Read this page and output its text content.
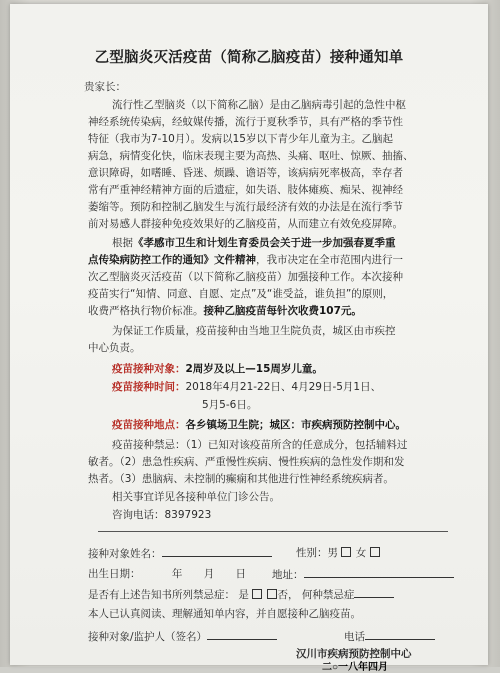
乙型脑炎灭活疫苗（简称乙脑疫苗）接种通知单
贵家长：
流行性乙型脑炎（以下简称乙脑）是由乙脑病毒引起的急性中枢
神经系统传染病，经蚊媒传播，流行于夏秋季节，具有严格的季节性
特征（我市为7-10月）。发病以15岁以下青少年儿童为主。乙脑起
病急，病情变化快，临床表现主要为高热、头痛、呕吐、惊厥、抽搐、
意识障碍，如嗜睡、昏迷、烦躁、谵语等，该病病死率极高，幸存者
常有严重神经精神方面的后遗症，如失语、肢体瘫痪、痴呆、视神经
萎缩等。预防和控制乙脑发生与流行最经济有效的办法是在流行季节
前对易感人群接种免疫效果好的乙脑疫苗，从而建立有效免疫屏障。
根据《孝感市卫生和计划生育委员会关于进一步加强春夏季重
点传染病防控工作的通知》文件精神，我市决定在全市范围内进行一
次乙型脑炎灭活疫苗（以下简称乙脑疫苗）加强接种工作。本次接种
疫苗实行“知情、同意、自愿、定点”及“谁受益，谁负担”的原则，
收费严格执行物价标准。接种乙脑疫苗每针次收费107元。
为保证工作质量，疫苗接种由当地卫生院负责，城区由市疾控
中心负责。
疫苗接种对象：2周岁及以上—15周岁儿童。
疫苗接种时间：2018年4月21-22日、4月29日-5月1日、
5月5-6日。
疫苗接种地点：各乡镇场卫生院；城区：市疾病预防控制中心。
疫苗接种禁忌：（1）已知对该疫苗所含的任意成分，包括辅料过
敏者。（2）患急性疾病、严重慢性疾病、慢性疾病的急性发作期和发
热者。（3）患脑病、未控制的癫痫和其他进行性神经系统疾病者。
相关事宜详见各接种单位门诊公告。
咨询电话：8397923
接种对象姓名：	性别：男 女
出生日期：	年 月 日 地址：
是否有上述告知书所列禁忌症： 是	否， 何种禁忌症
本人已认真阅读、理解通知单内容，并自愿接种乙脑疫苗。
接种对象/监护人（签名）	电话
汉川市疾病预防控制中心
二○一八年四月
